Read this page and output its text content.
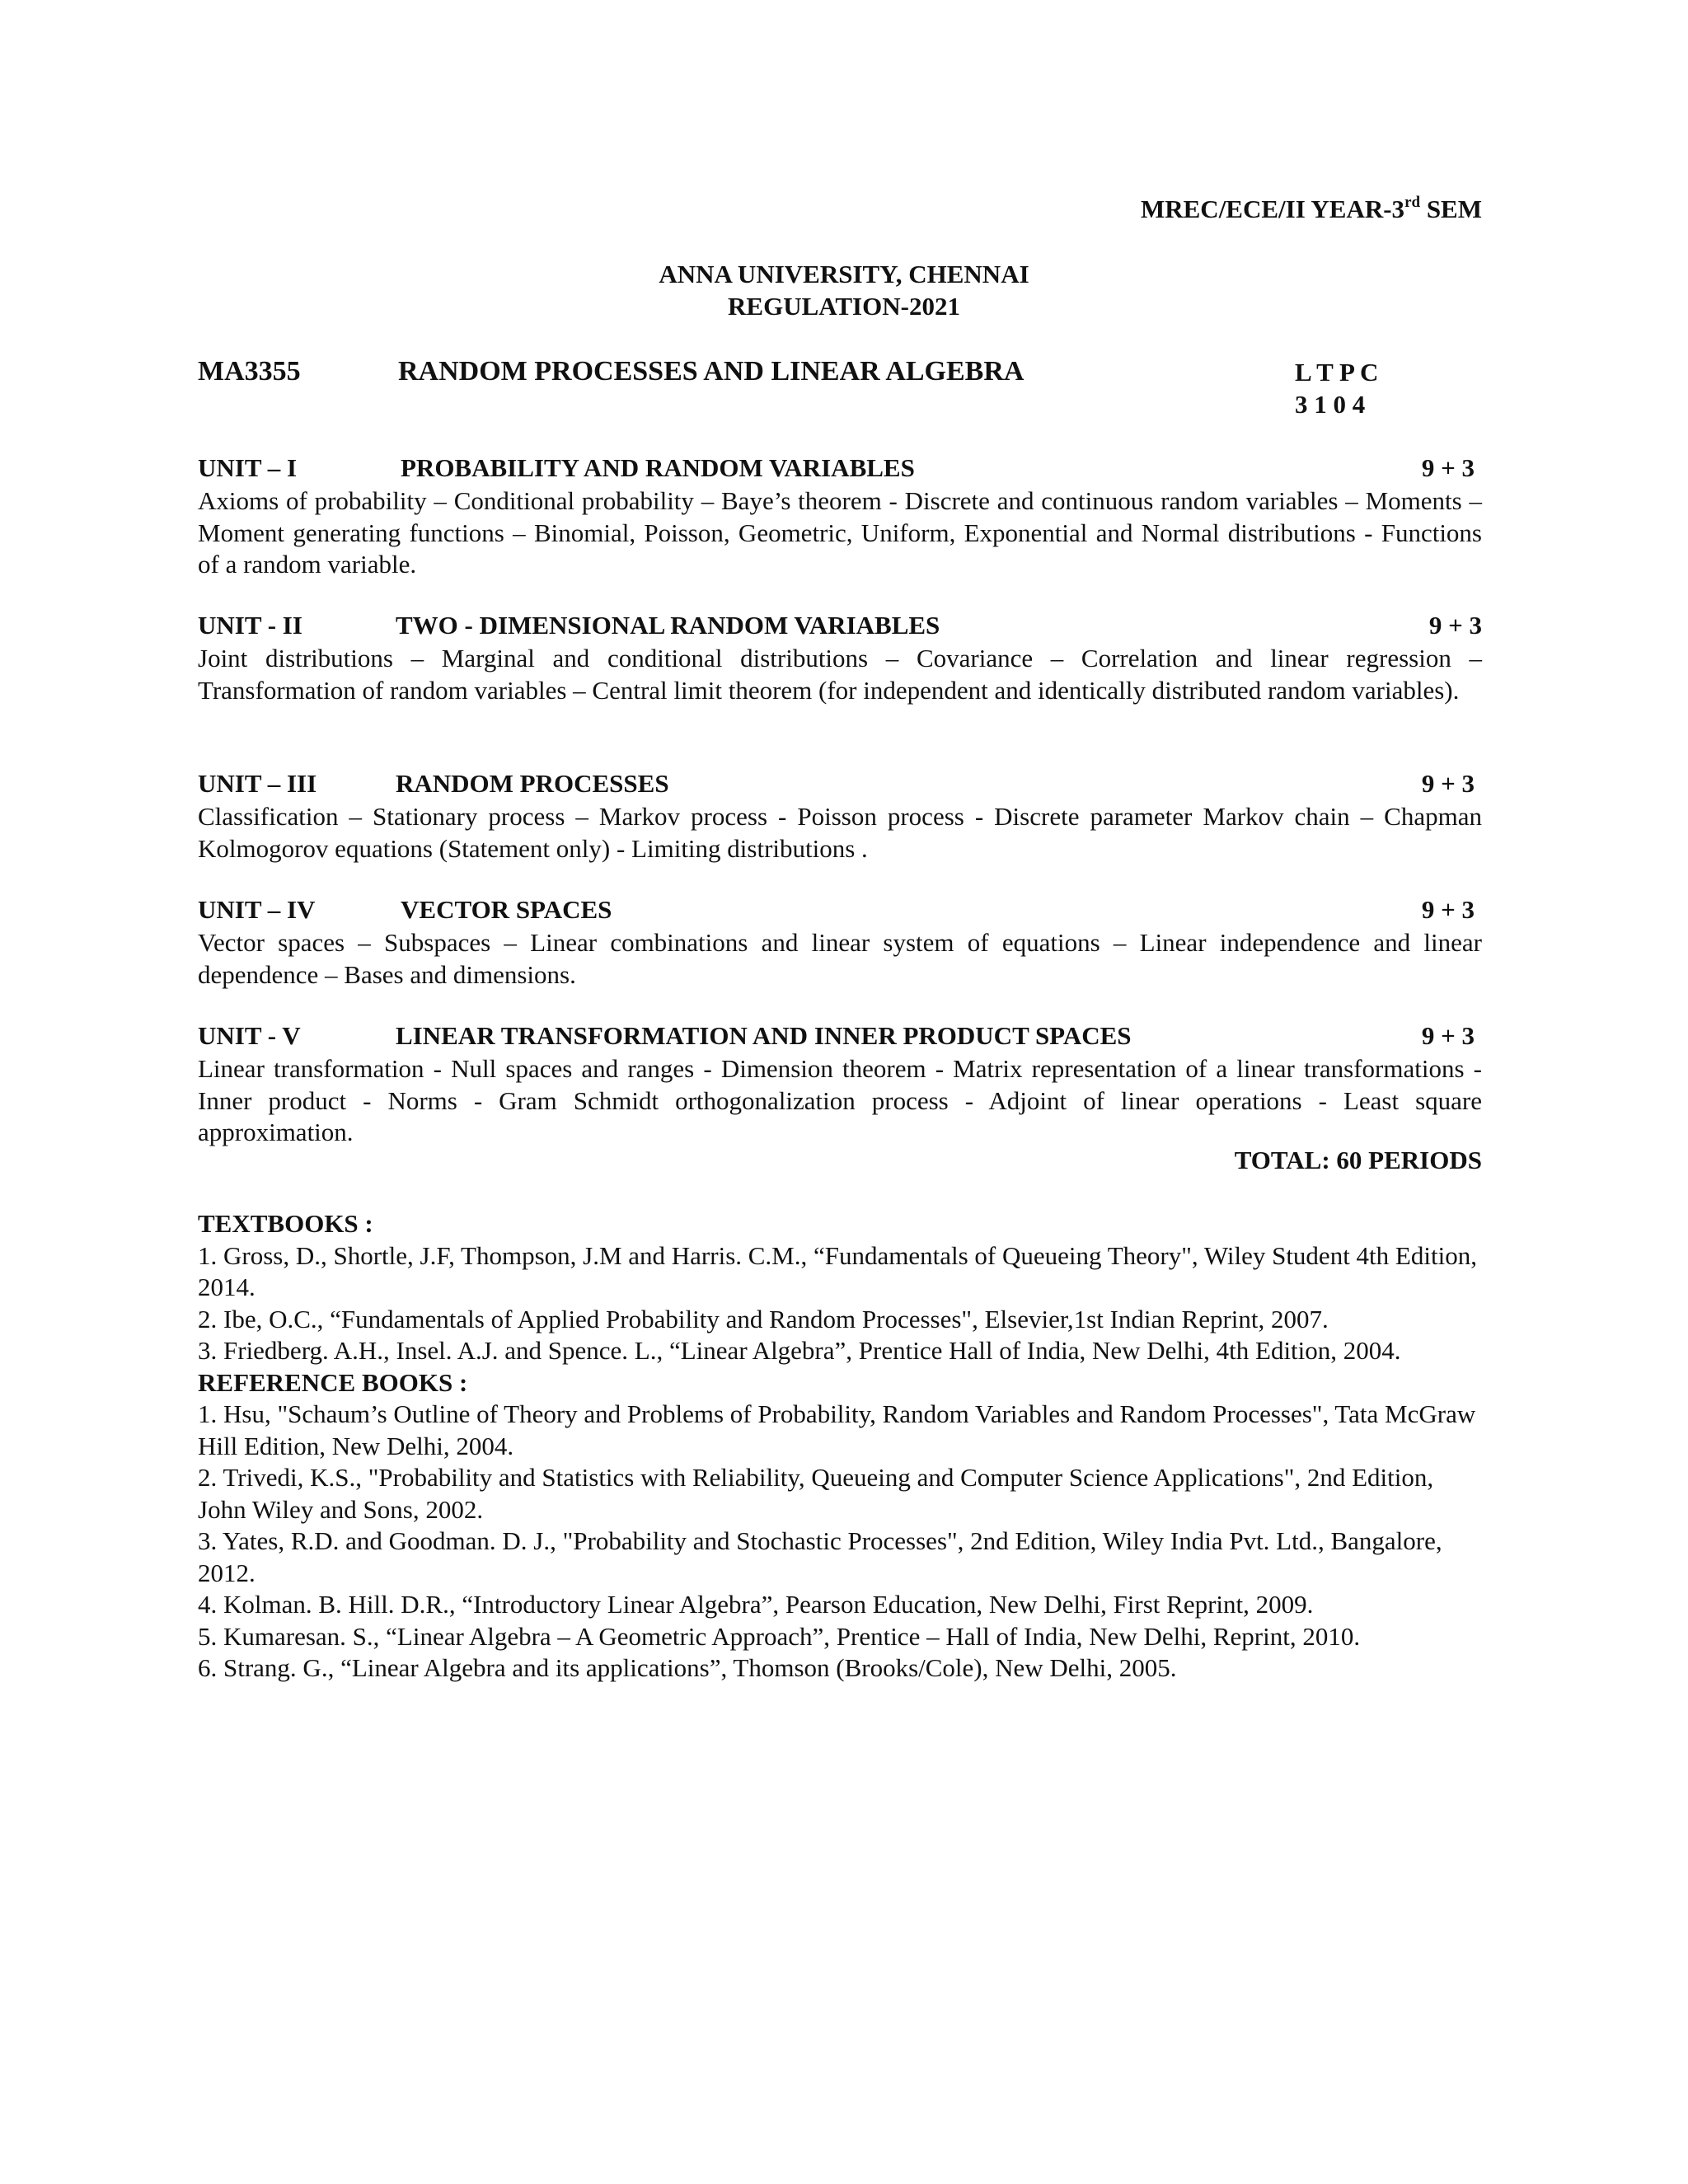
MREC/ECE/II YEAR-3rd SEM
ANNA UNIVERSITY, CHENNAI
REGULATION-2021
MA3355	RANDOM PROCESSES AND LINEAR ALGEBRA	L T P C
3 1 0 4
UNIT – I	PROBABILITY AND RANDOM VARIABLES	9 + 3
Axioms of probability – Conditional probability – Baye’s theorem - Discrete and continuous random variables – Moments – Moment generating functions – Binomial, Poisson, Geometric, Uniform, Exponential and Normal distributions - Functions of a random variable.
UNIT - II	TWO - DIMENSIONAL RANDOM VARIABLES	9 + 3
Joint distributions – Marginal and conditional distributions – Covariance – Correlation and linear regression – Transformation of random variables – Central limit theorem (for independent and identically distributed random variables).
UNIT – III	RANDOM PROCESSES	9 + 3
Classification – Stationary process – Markov process - Poisson process - Discrete parameter Markov chain – Chapman Kolmogorov equations (Statement only) - Limiting distributions .
UNIT – IV	VECTOR SPACES	9 + 3
Vector spaces – Subspaces – Linear combinations and linear system of equations – Linear independence and linear dependence – Bases and dimensions.
UNIT - V	LINEAR TRANSFORMATION AND INNER PRODUCT SPACES	9 + 3
Linear transformation - Null spaces and ranges - Dimension theorem - Matrix representation of a linear transformations - Inner product - Norms - Gram Schmidt orthogonalization process - Adjoint of linear operations - Least square approximation.
TOTAL: 60 PERIODS
TEXTBOOKS :

1. Gross, D., Shortle, J.F, Thompson, J.M and Harris. C.M., “Fundamentals of Queueing Theory", Wiley Student 4th Edition, 2014.

2. Ibe, O.C., “Fundamentals of Applied Probability and Random Processes", Elsevier,1st Indian Reprint, 2007.

3. Friedberg. A.H., Insel. A.J. and Spence. L., “Linear Algebra”, Prentice Hall of India, New Delhi, 4th Edition, 2004.

REFERENCE BOOKS :

1. Hsu, "Schaum’s Outline of Theory and Problems of Probability, Random Variables and Random Processes", Tata McGraw Hill Edition, New Delhi, 2004.

2. Trivedi, K.S., "Probability and Statistics with Reliability, Queueing and Computer Science Applications", 2nd Edition, John Wiley and Sons, 2002.

3. Yates, R.D. and Goodman. D. J., "Probability and Stochastic Processes", 2nd Edition, Wiley India Pvt. Ltd., Bangalore, 2012.

4. Kolman. B. Hill. D.R., “Introductory Linear Algebra”, Pearson Education, New Delhi, First Reprint, 2009.

5. Kumaresan. S., “Linear Algebra – A Geometric Approach”, Prentice – Hall of India, New Delhi, Reprint, 2010.

6. Strang. G., “Linear Algebra and its applications”, Thomson (Brooks/Cole), New Delhi, 2005.
